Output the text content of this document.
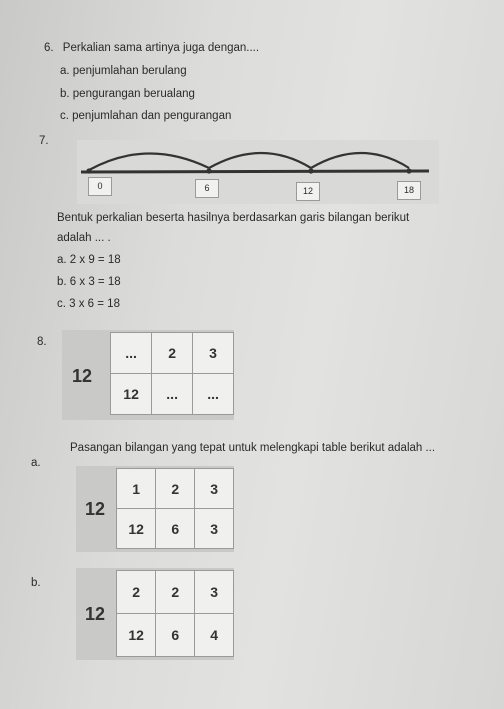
6. Perkalian sama artinya juga dengan....
a. penjumlahan berulang
b. pengurangan berualang
c. penjumlahan dan pengurangan
7.
0	6	12	18
Bentuk perkalian beserta hasilnya berdasarkan garis bilangan berikut
adalah ... .
a. 2 x 9 = 18
b. 6 x 3 = 18
c. 3 x 6 = 18
8.
12
...	2	3
12	...	...
Pasangan bilangan yang tepat untuk melengkapi table berikut adalah ...
a.
12
1	2	3
12	6	3
b.
12
2	2	3
12	6	4
